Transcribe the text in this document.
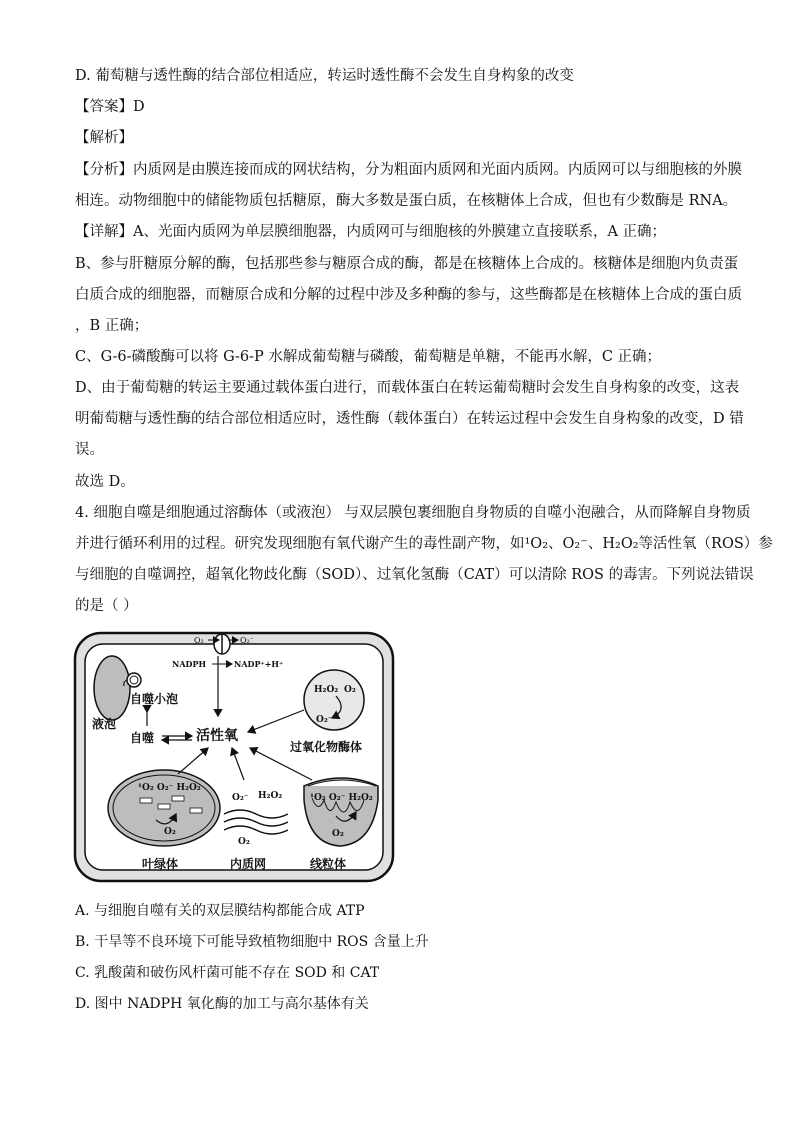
D. 葡萄糖与透性酶的结合部位相适应，转运时透性酶不会发生自身构象的改变
【答案】D
【解析】
【分析】内质网是由膜连接而成的网状结构，分为粗面内质网和光面内质网。内质网可以与细胞核的外膜
相连。动物细胞中的储能物质包括糖原，酶大多数是蛋白质，在核糖体上合成，但也有少数酶是 RNA。
【详解】A、光面内质网为单层膜细胞器，内质网可与细胞核的外膜建立直接联系，A 正确；
B、参与肝糖原分解的酶，包括那些参与糖原合成的酶，都是在核糖体上合成的。核糖体是细胞内负责蛋
白质合成的细胞器，而糖原合成和分解的过程中涉及多种酶的参与，这些酶都是在核糖体上合成的蛋白质
，B 正确；
C、G-6-磷酸酶可以将 G-6-P 水解成葡萄糖与磷酸，葡萄糖是单糖，不能再水解，C 正确；
D、由于葡萄糖的转运主要通过载体蛋白进行，而载体蛋白在转运葡萄糖时会发生自身构象的改变，这表
明葡萄糖与透性酶的结合部位相适应时，透性酶（载体蛋白）在转运过程中会发生自身构象的改变，D 错
误。
故选 D。
4. 细胞自噬是细胞通过溶酶体（或液泡） 与双层膜包裹细胞自身物质的自噬小泡融合，从而降解自身物质
并进行循环利用的过程。研究发现细胞有氧代谢产生的毒性副产物，如¹O₂、O₂⁻、H₂O₂等活性氧（ROS）参
与细胞的自噬调控，超氧化物歧化酶（SOD）、过氧化氢酶（CAT）可以清除 ROS 的毒害。下列说法错误
的是（ ）
O₂	O₂⁻
NADPH	NADP⁺+H⁺
液泡
自噬小泡
自噬	活性氧
H₂O₂ O₂
O₂⁻
过氧化物酶体
¹O₂ O₂⁻ H₂O₂
O₂
叶绿体
O₂⁻ H₂O₂
O₂
内质网
¹O₂ O₂⁻ H₂O₂
O₂
线粒体
A. 与细胞自噬有关的双层膜结构都能合成 ATP
B. 干旱等不良环境下可能导致植物细胞中 ROS 含量上升
C. 乳酸菌和破伤风杆菌可能不存在 SOD 和 CAT
D. 图中 NADPH 氧化酶的加工与高尔基体有关
